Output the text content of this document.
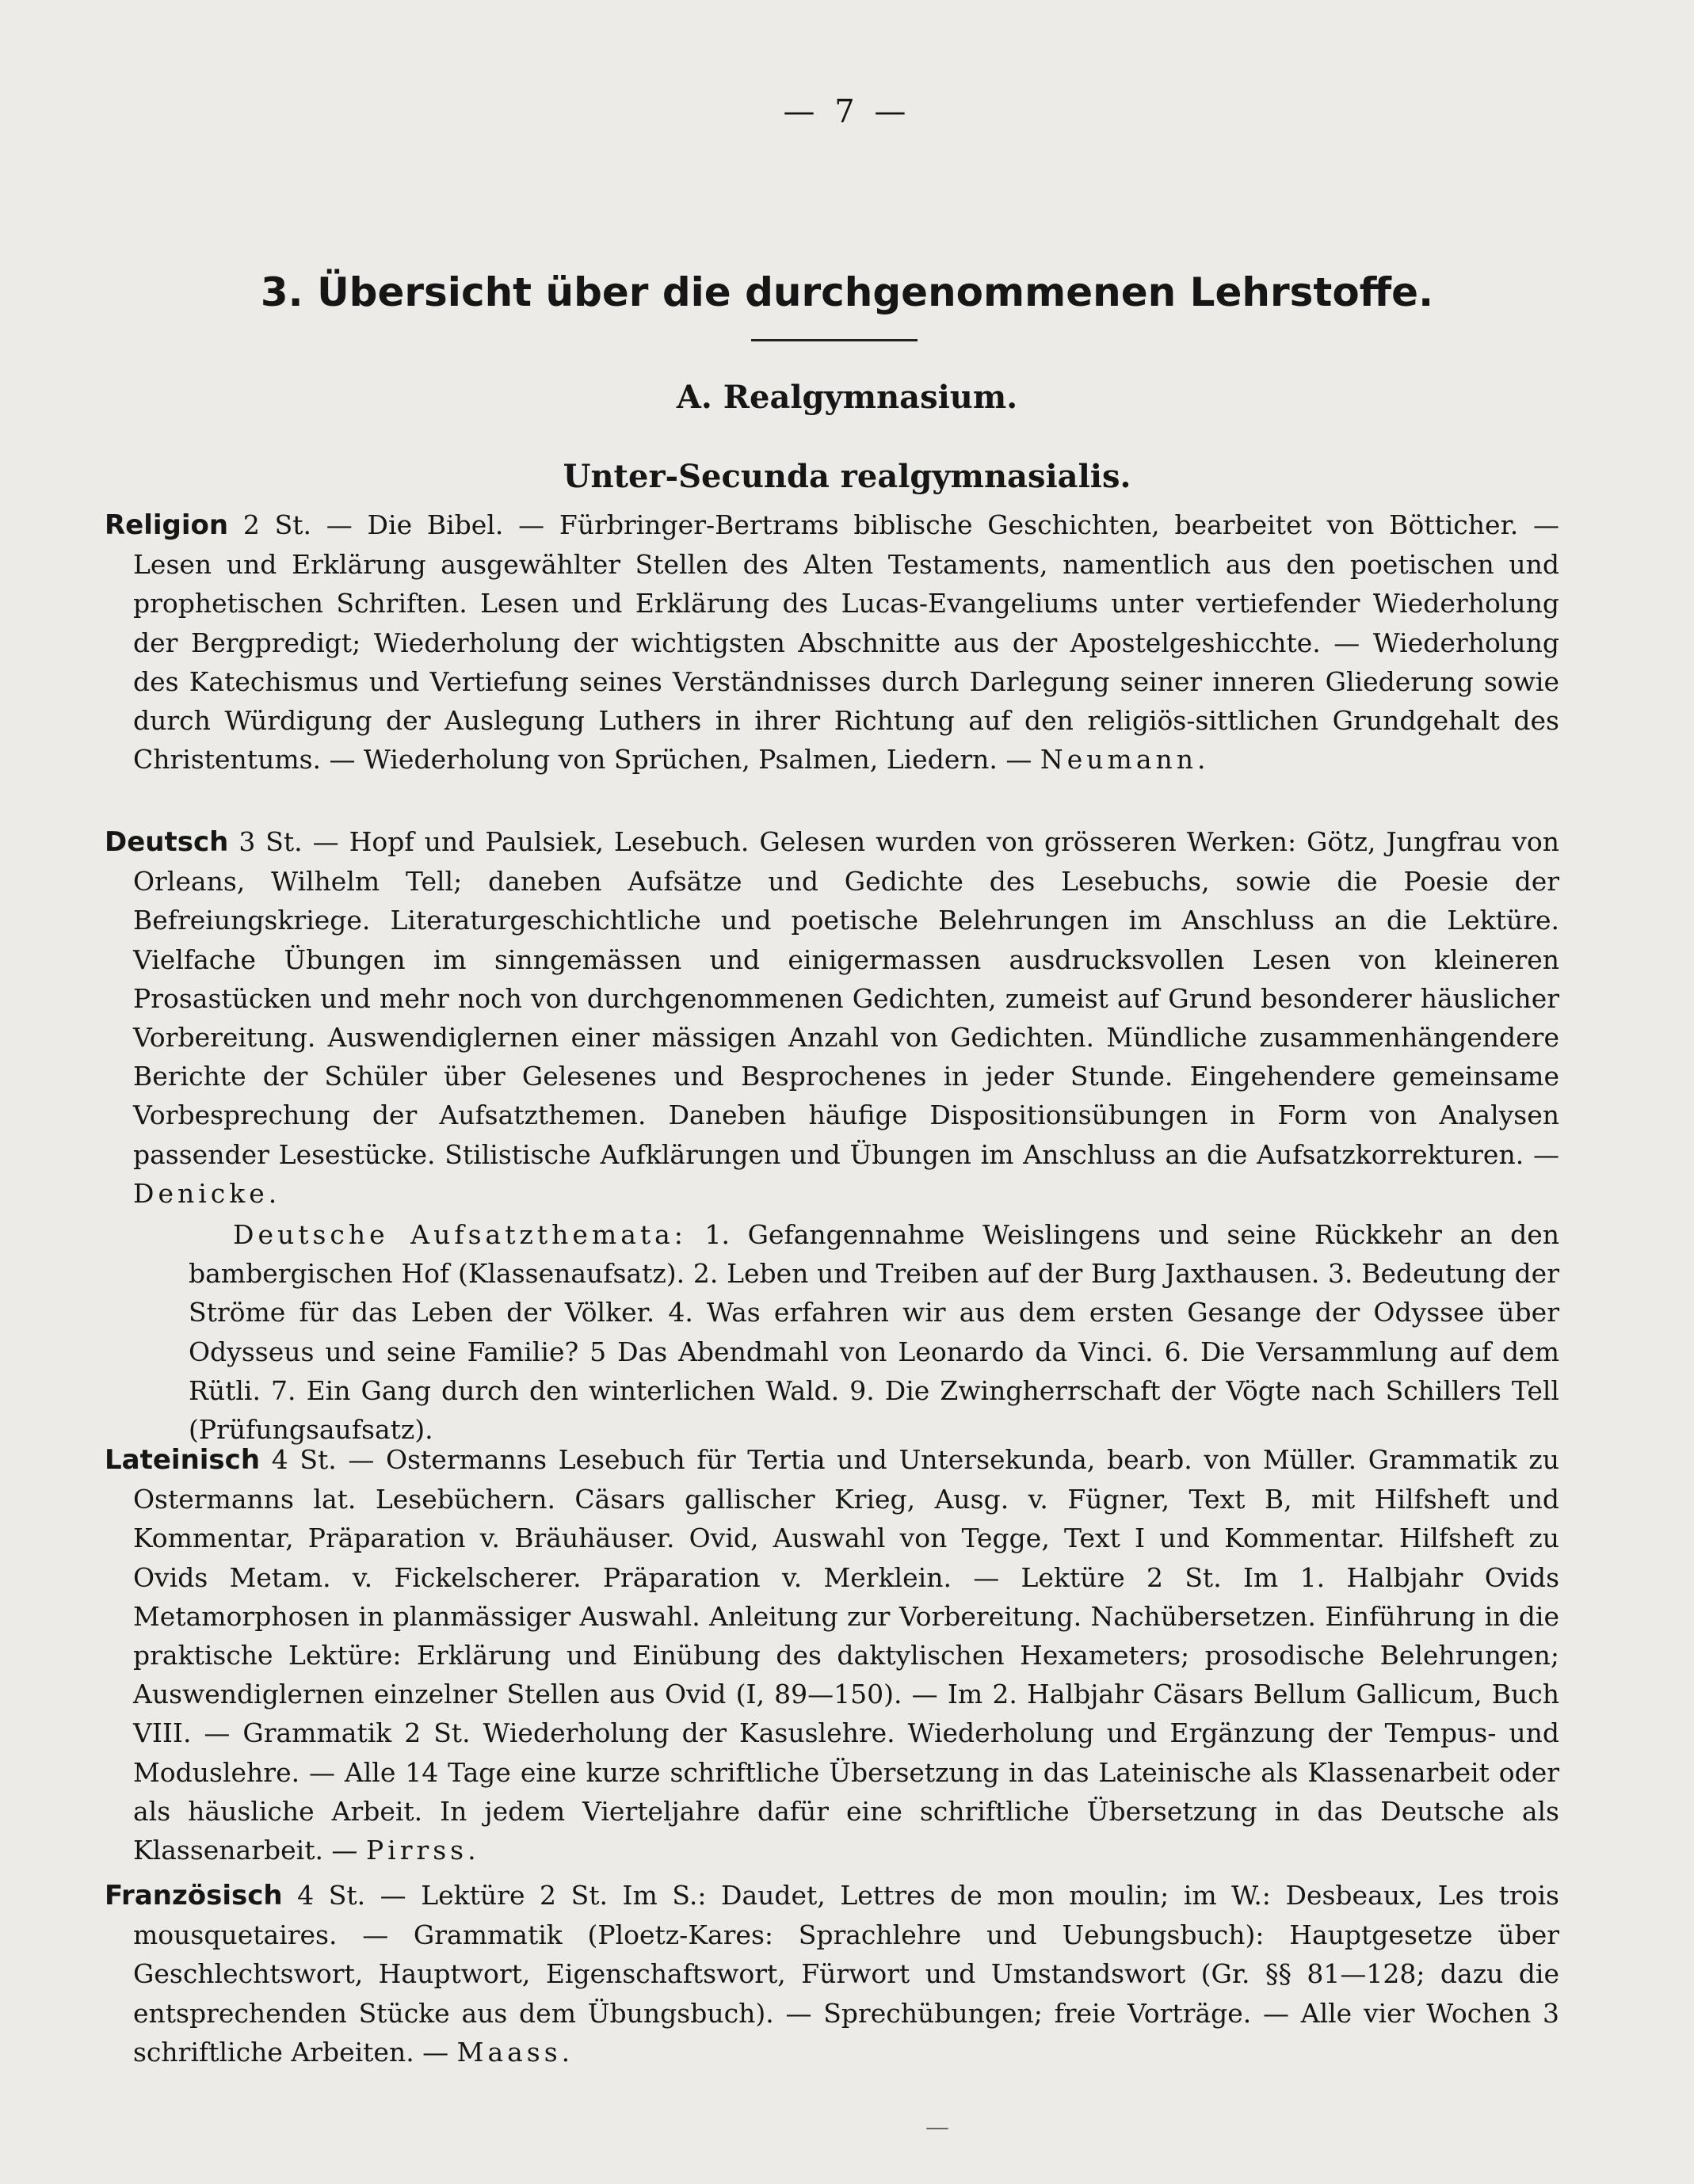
— 7 —
3. Übersicht über die durchgenommenen Lehrstoffe.
A. Realgymnasium.
Unter-Secunda realgymnasialis.
Religion 2 St. — Die Bibel. — Fürbringer-Bertrams biblische Geschichten, bearbeitet von Bötticher. — Lesen und Erklärung ausgewählter Stellen des Alten Testaments, namentlich aus den poetischen und prophetischen Schriften. Lesen und Erklärung des Lucas-Evangeliums unter vertiefender Wiederholung der Bergpredigt; Wiederholung der wichtigsten Abschnitte aus der Apostelgeshicchte. — Wiederholung des Katechismus und Vertiefung seines Verständnisses durch Darlegung seiner inneren Gliederung sowie durch Würdigung der Auslegung Luthers in ihrer Richtung auf den religiös-sittlichen Grundgehalt des Christentums. — Wiederholung von Sprüchen, Psalmen, Liedern. — Neumann.
Deutsch 3 St. — Hopf und Paulsiek, Lesebuch. Gelesen wurden von grösseren Werken: Götz, Jungfrau von Orleans, Wilhelm Tell; daneben Aufsätze und Gedichte des Lesebuchs, sowie die Poesie der Befreiungskriege. Literaturgeschichtliche und poetische Belehrungen im Anschluss an die Lektüre. Vielfache Übungen im sinngemässen und einigermassen ausdrucksvollen Lesen von kleineren Prosastücken und mehr noch von durchgenommenen Gedichten, zumeist auf Grund besonderer häuslicher Vorbereitung. Auswendiglernen einer mässigen Anzahl von Gedichten. Mündliche zusammenhängendere Berichte der Schüler über Gelesenes und Besprochenes in jeder Stunde. Eingehendere gemeinsame Vorbesprechung der Aufsatzthemen. Daneben häufige Dispositionsübungen in Form von Analysen passender Lesestücke. Stilistische Aufklärungen und Übungen im Anschluss an die Aufsatzkorrekturen. — Denicke.
Deutsche Aufsatzthemata: 1. Gefangennahme Weislingens und seine Rückkehr an den bambergischen Hof (Klassenaufsatz). 2. Leben und Treiben auf der Burg Jaxthausen. 3. Bedeutung der Ströme für das Leben der Völker. 4. Was erfahren wir aus dem ersten Gesange der Odyssee über Odysseus und seine Familie? 5 Das Abendmahl von Leonardo da Vinci. 6. Die Versammlung auf dem Rütli. 7. Ein Gang durch den winterlichen Wald. 9. Die Zwingherrschaft der Vögte nach Schillers Tell (Prüfungsaufsatz).
Lateinisch 4 St. — Ostermanns Lesebuch für Tertia und Untersekunda, bearb. von Müller. Grammatik zu Ostermanns lat. Lesebüchern. Cäsars gallischer Krieg, Ausg. v. Fügner, Text B, mit Hilfsheft und Kommentar, Präparation v. Bräuhäuser. Ovid, Auswahl von Tegge, Text I und Kommentar. Hilfsheft zu Ovids Metam. v. Fickelscherer. Präparation v. Merklein. — Lektüre 2 St. Im 1. Halbjahr Ovids Metamorphosen in planmässiger Auswahl. Anleitung zur Vorbereitung. Nachübersetzen. Einführung in die praktische Lektüre: Erklärung und Einübung des daktylischen Hexameters; prosodische Belehrungen; Auswendiglernen einzelner Stellen aus Ovid (I, 89—150). — Im 2. Halbjahr Cäsars Bellum Gallicum, Buch VIII. — Grammatik 2 St. Wiederholung der Kasuslehre. Wiederholung und Ergänzung der Tempus- und Moduslehre. — Alle 14 Tage eine kurze schriftliche Übersetzung in das Lateinische als Klassenarbeit oder als häusliche Arbeit. In jedem Vierteljahre dafür eine schriftliche Übersetzung in das Deutsche als Klassenarbeit. — Pirrss.
Französisch 4 St. — Lektüre 2 St. Im S.: Daudet, Lettres de mon moulin; im W.: Desbeaux, Les trois mousquetaires. — Grammatik (Ploetz-Kares: Sprachlehre und Uebungsbuch): Hauptgesetze über Geschlechtswort, Hauptwort, Eigenschaftswort, Fürwort und Umstandswort (Gr. §§ 81—128; dazu die entsprechenden Stücke aus dem Übungsbuch). — Sprechübungen; freie Vorträge. — Alle vier Wochen 3 schriftliche Arbeiten. — Maass.
—
